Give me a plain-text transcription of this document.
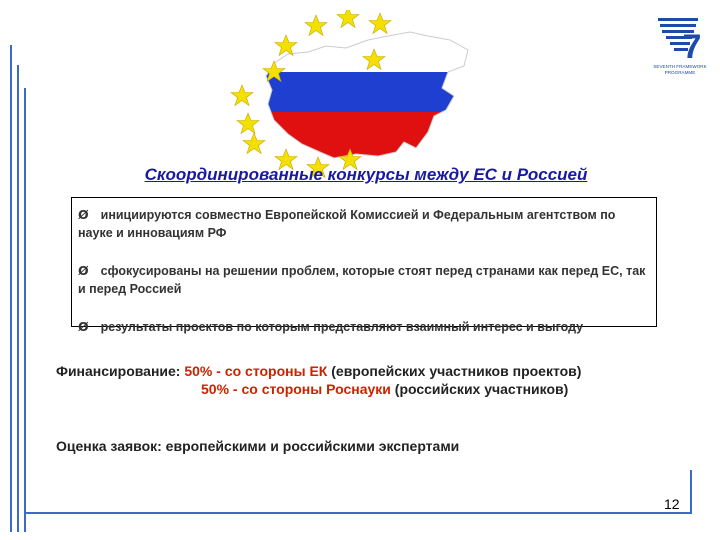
7
SEVENTH FRAMEWORK
PROGRAMME
Скоординированные конкурсы между ЕС и Россией
Ø инициируются совместно Европейской Комиссией и Федеральным агентством по науке и инновациям РФ
Ø сфокусированы на решении проблем, которые стоят перед странами как перед ЕС, так и перед Россией
Ø результаты проектов по которым представляют взаимный интерес и выгоду
Финансирование: 50% - со стороны ЕК (европейских участников проектов)
50% - со стороны Роснауки (российских участников)
Оценка заявок: европейскими и российскими экспертами
12
